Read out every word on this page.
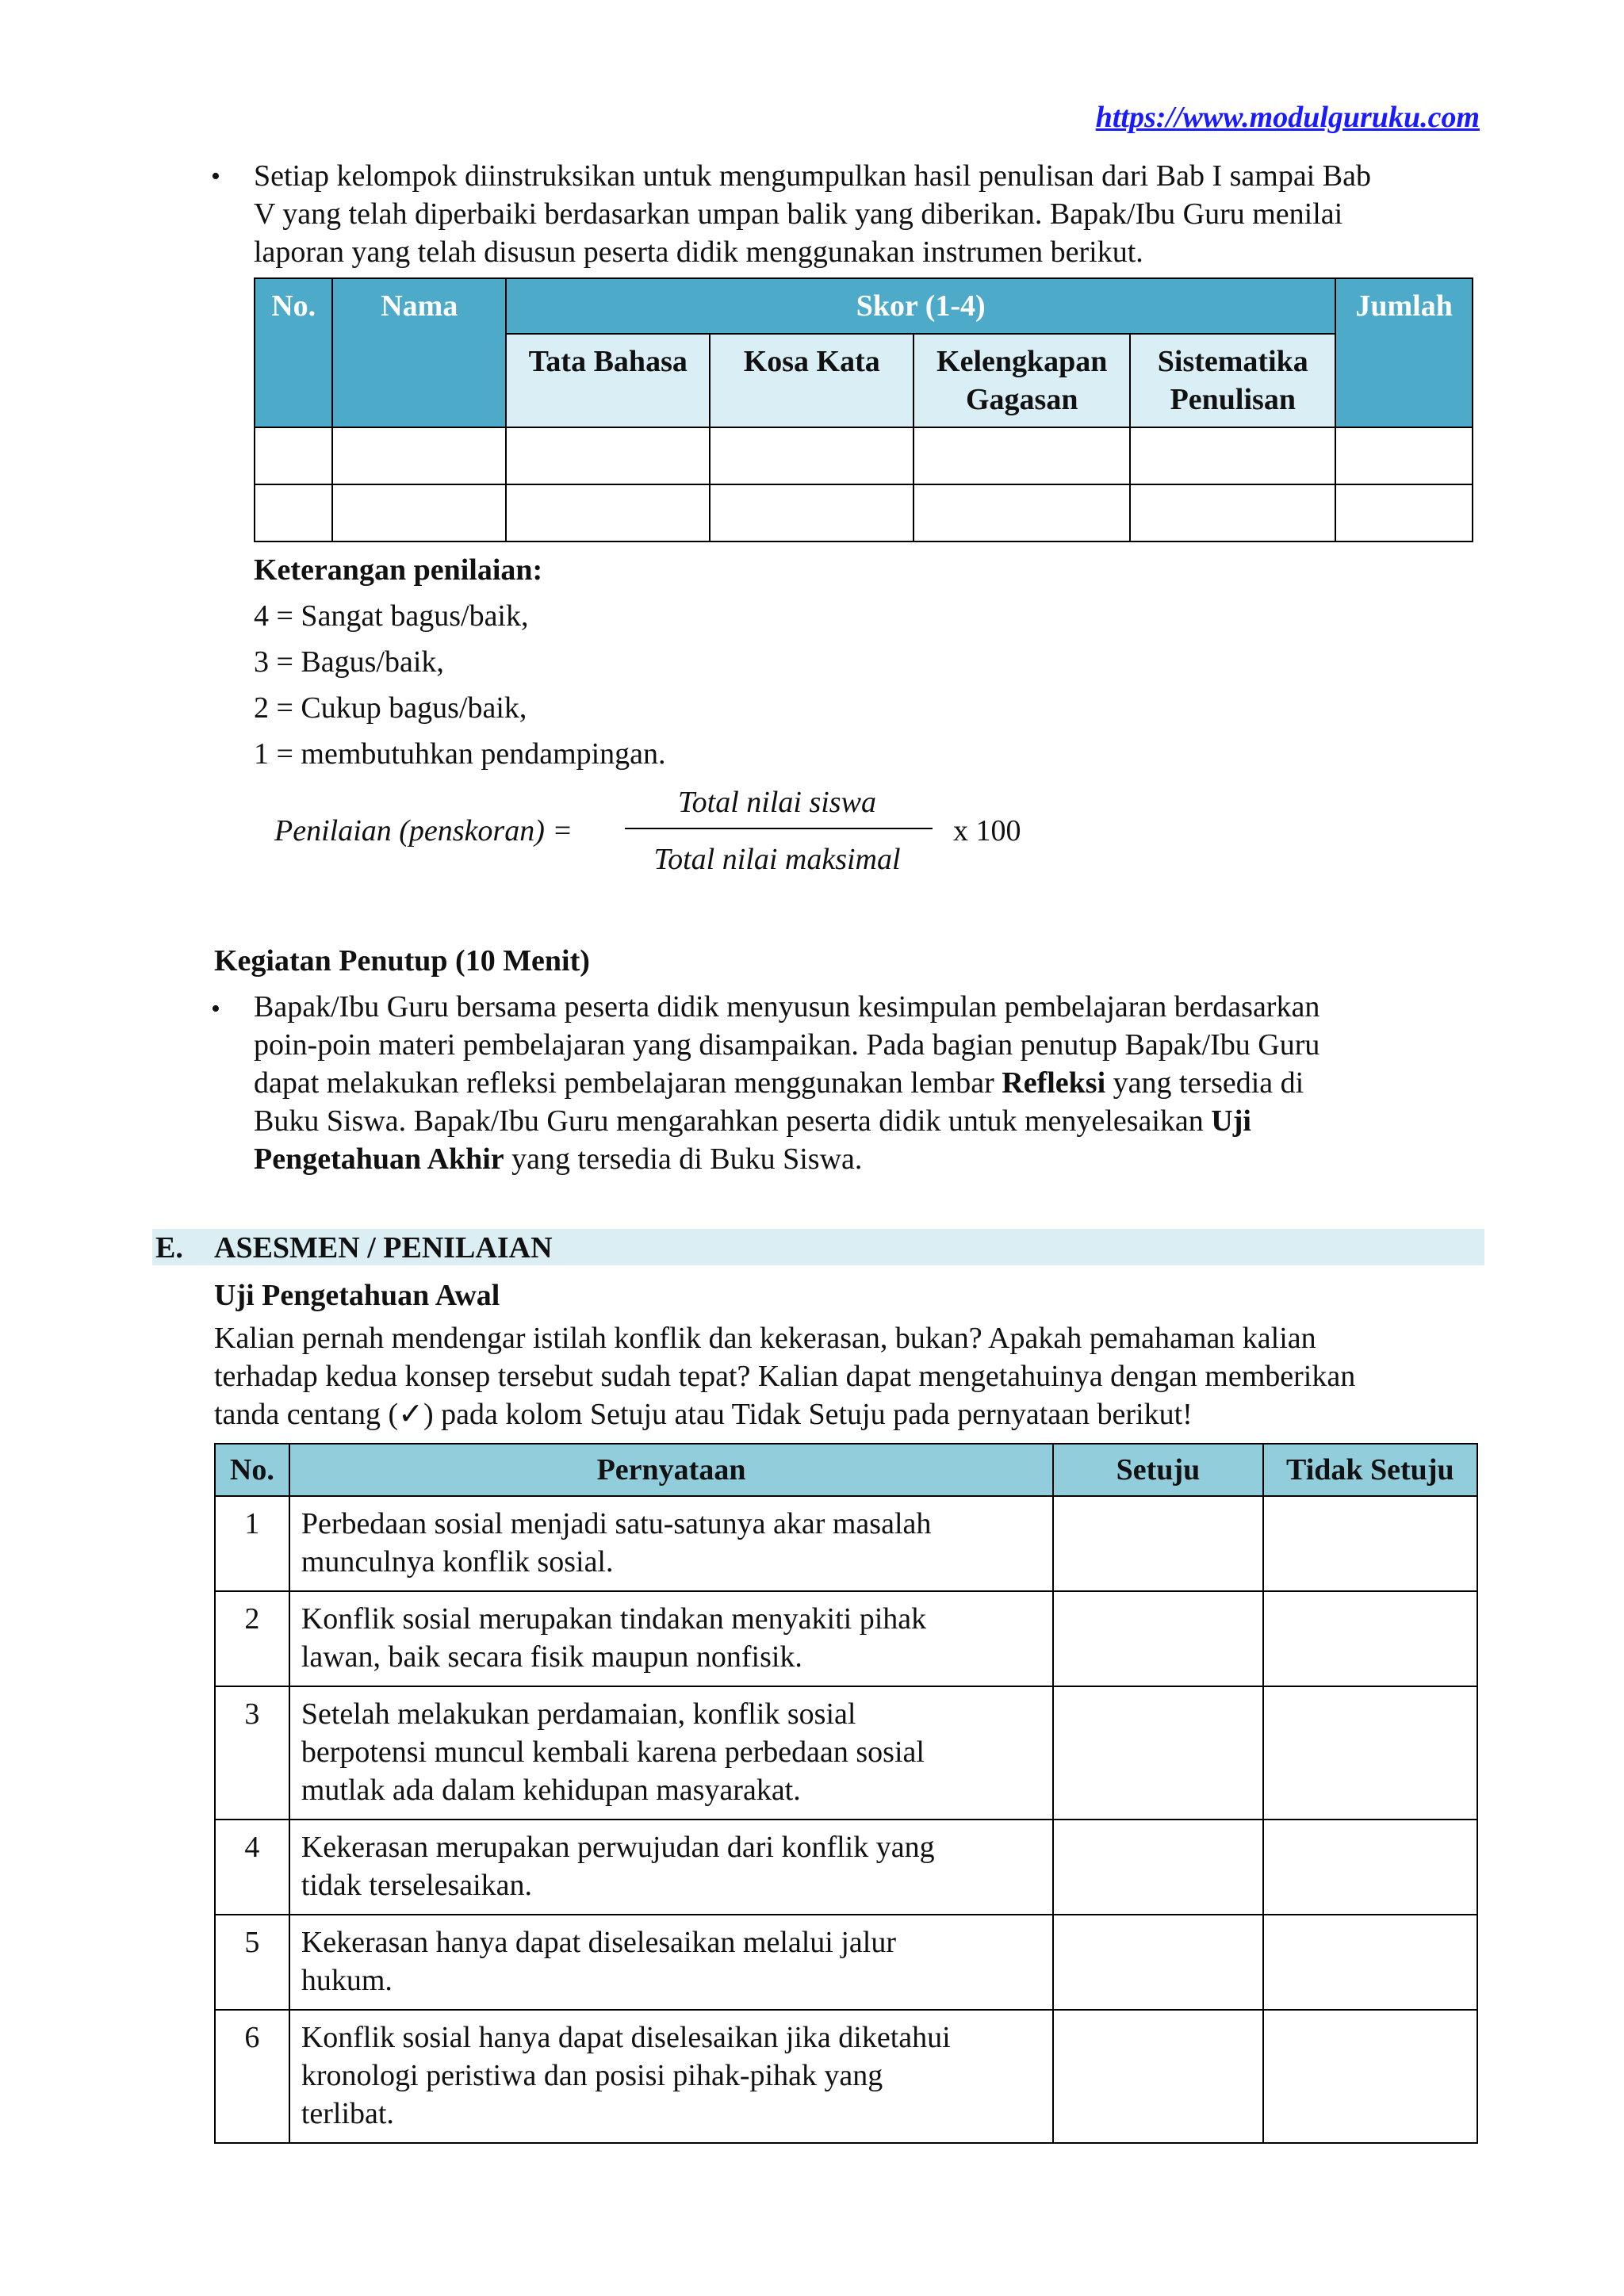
https://www.modulguruku.com
• Setiap kelompok diinstruksikan untuk mengumpulkan hasil penulisan dari Bab I sampai Bab
V yang telah diperbaiki berdasarkan umpan balik yang diberikan. Bapak/Ibu Guru menilai
laporan yang telah disusun peserta didik menggunakan instrumen berikut.
No.	Nama	Skor (1-4)				Jumlah
		Tata Bahasa	Kosa Kata	Kelengkapan Gagasan	Sistematika Penulisan	

Keterangan penilaian:
4 = Sangat bagus/baik,
3 = Bagus/baik,
2 = Cukup bagus/baik,
1 = membutuhkan pendampingan.
Penilaian (penskoran) =
Total nilai siswa
Total nilai maksimal
x 100
Kegiatan Penutup (10 Menit)
• Bapak/Ibu Guru bersama peserta didik menyusun kesimpulan pembelajaran berdasarkan
poin-poin materi pembelajaran yang disampaikan. Pada bagian penutup Bapak/Ibu Guru
dapat melakukan refleksi pembelajaran menggunakan lembar Refleksi yang tersedia di
Buku Siswa. Bapak/Ibu Guru mengarahkan peserta didik untuk menyelesaikan Uji
Pengetahuan Akhir yang tersedia di Buku Siswa.
E. ASESMEN / PENILAIAN
Uji Pengetahuan Awal
Kalian pernah mendengar istilah konflik dan kekerasan, bukan? Apakah pemahaman kalian
terhadap kedua konsep tersebut sudah tepat? Kalian dapat mengetahuinya dengan memberikan
tanda centang (✓) pada kolom Setuju atau Tidak Setuju pada pernyataan berikut!
No.	Pernyataan	Setuju	Tidak Setuju
1	Perbedaan sosial menjadi satu-satunya akar masalah
munculnya konflik sosial.		

2	Konflik sosial merupakan tindakan menyakiti pihak
lawan, baik secara fisik maupun nonfisik.		

3	Setelah melakukan perdamaian, konflik sosial
berpotensi muncul kembali karena perbedaan sosial
mutlak ada dalam kehidupan masyarakat.		

4	Kekerasan merupakan perwujudan dari konflik yang
tidak terselesaikan.		

5	Kekerasan hanya dapat diselesaikan melalui jalur
hukum.		

6	Konflik sosial hanya dapat diselesaikan jika diketahui
kronologi peristiwa dan posisi pihak-pihak yang
terlibat.		
